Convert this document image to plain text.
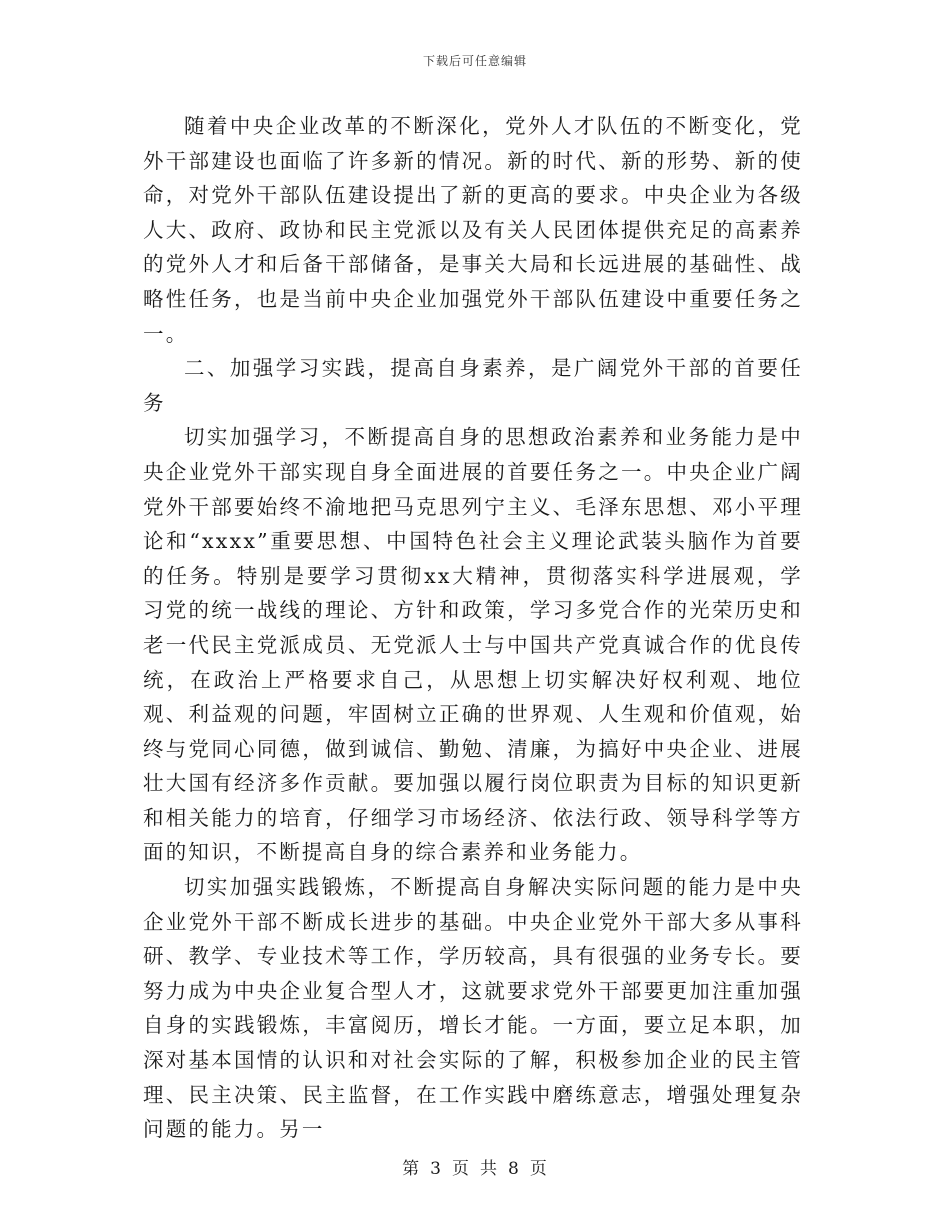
下载后可任意编辑

随着中央企业改革的不断深化，党外人才队伍的不断变化，党外干部建设也面临了许多新的情况。新的时代、新的形势、新的使命，对党外干部队伍建设提出了新的更高的要求。中央企业为各级人大、政府、政协和民主党派以及有关人民团体提供充足的高素养的党外人才和后备干部储备，是事关大局和长远进展的基础性、战略性任务，也是当前中央企业加强党外干部队伍建设中重要任务之一。

二、加强学习实践，提高自身素养，是广阔党外干部的首要任务

切实加强学习，不断提高自身的思想政治素养和业务能力是中央企业党外干部实现自身全面进展的首要任务之一。中央企业广阔党外干部要始终不渝地把马克思列宁主义、毛泽东思想、邓小平理论和“xxxx”重要思想、中国特色社会主义理论武装头脑作为首要的任务。特别是要学习贯彻xx大精神，贯彻落实科学进展观，学习党的统一战线的理论、方针和政策，学习多党合作的光荣历史和老一代民主党派成员、无党派人士与中国共产党真诚合作的优良传统，在政治上严格要求自己，从思想上切实解决好权利观、地位观、利益观的问题，牢固树立正确的世界观、人生观和价值观，始终与党同心同德，做到诚信、勤勉、清廉，为搞好中央企业、进展壮大国有经济多作贡献。要加强以履行岗位职责为目标的知识更新和相关能力的培育，仔细学习市场经济、依法行政、领导科学等方面的知识，不断提高自身的综合素养和业务能力。

切实加强实践锻炼，不断提高自身解决实际问题的能力是中央企业党外干部不断成长进步的基础。中央企业党外干部大多从事科研、教学、专业技术等工作，学历较高，具有很强的业务专长。要努力成为中央企业复合型人才，这就要求党外干部要更加注重加强自身的实践锻炼，丰富阅历，增长才能。一方面，要立足本职，加深对基本国情的认识和对社会实际的了解，积极参加企业的民主管理、民主决策、民主监督，在工作实践中磨练意志，增强处理复杂问题的能力。另一

第 3 页 共 8 页
